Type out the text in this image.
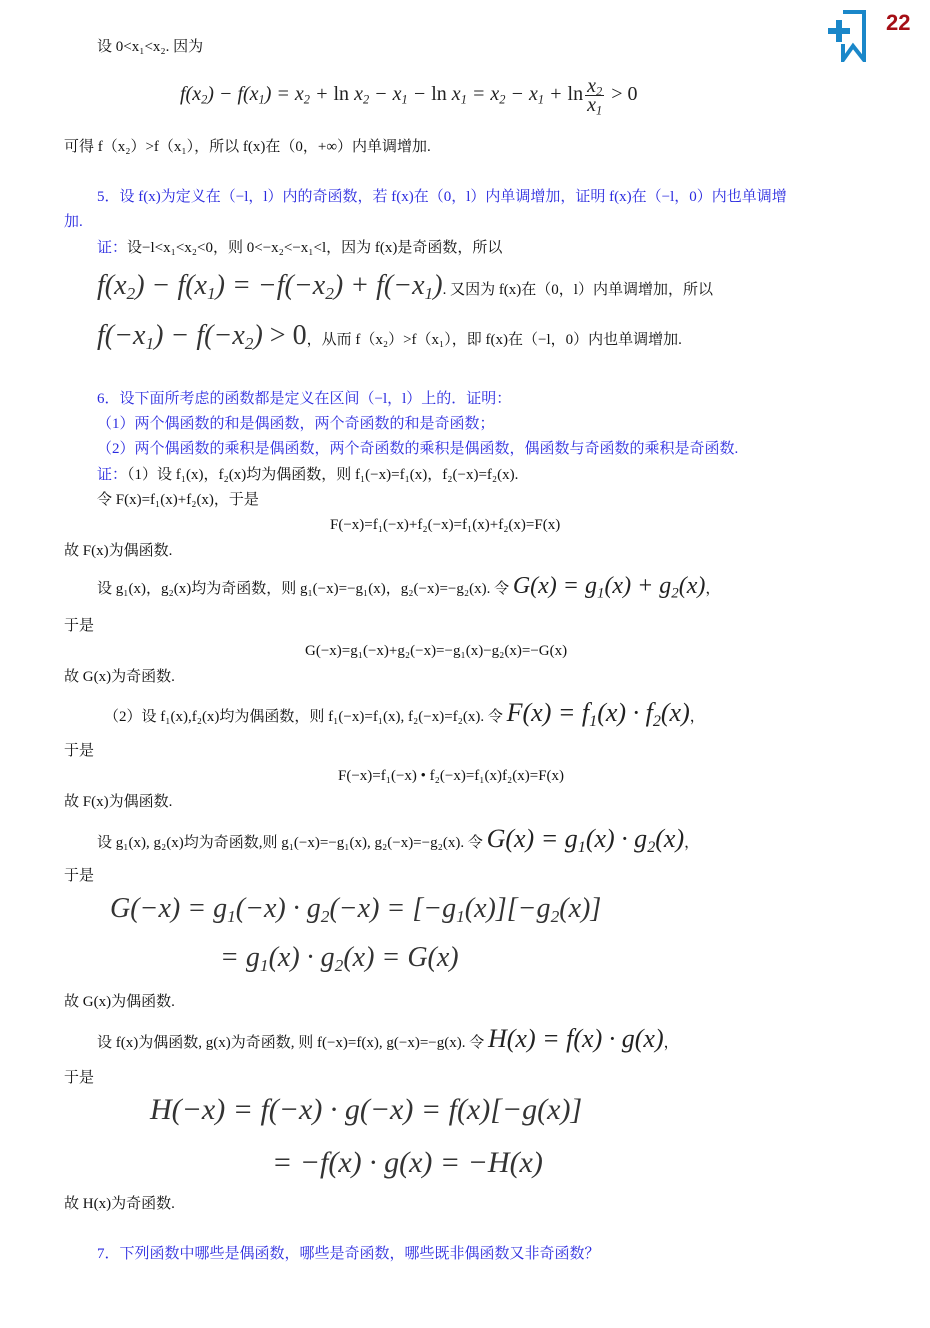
22
设 0<x₁<x₂. 因为
$f(x_2) - f(x_1) = x_2 + \ln x_2 - x_1 - \ln x_1 = x_2 - x_1 + \ln \frac{x_2}{x_1} > 0$
可得 f（x₂）>f（x₁），所以 f(x)在（0，+∞）内单调增加.
5．设 f(x)为定义在（−l，l）内的奇函数，若 f(x)在（0，l）内单调增加，证明 f(x)在（−l，0）内也单调增
加.
证：设−l<x₁<x₂<0，则 0<−x₂<−x₁<l，因为 f(x)是奇函数，所以
$f(x_2) - f(x_1) = -f(-x_2) + f(-x_1)$. 又因为 f(x)在（0，l）内单调增加，所以
$f(-x_1) - f(-x_2) > 0$，从而 f（x₂）>f（x₁），即 f(x)在（−l，0）内也单调增加.
6．设下面所考虑的函数都是定义在区间（−l，l）上的．证明：
（1）两个偶函数的和是偶函数，两个奇函数的和是奇函数；
（2）两个偶函数的乘积是偶函数，两个奇函数的乘积是偶函数，偶函数与奇函数的乘积是奇函数.
证：（1）设 f₁(x)，f₂(x)均为偶函数，则 f₁(−x)=f₁(x)，f₂(−x)=f₂(x).
令 F(x)=f₁(x)+f₂(x)，于是
F(−x)=f₁(−x)+f₂(−x)=f₁(x)+f₂(x)=F(x)
故 F(x)为偶函数.
设 g₁(x)，g₂(x)均为奇函数，则 g₁(−x)=−g₁(x)，g₂(−x)=−g₂(x). 令 $G(x) = g_1(x) + g_2(x)$，
于是
G(−x)=g₁(−x)+g₂(−x)=−g₁(x)−g₂(x)=−G(x)
故 G(x)为奇函数.
（2）设 f₁(x),f₂(x)均为偶函数，则 f₁(−x)=f₁(x), f₂(−x)=f₂(x). 令 $F(x) = f_1(x) \cdot f_2(x)$，
于是
F(−x)=f₁(−x) • f₂(−x)=f₁(x)f₂(x)=F(x)
故 F(x)为偶函数.
设 g₁(x), g₂(x)均为奇函数,则 g₁(−x)=−g₁(x), g₂(−x)=−g₂(x). 令 $G(x) = g_1(x) \cdot g_2(x)$，
于是
$G(-x) = g_1(-x) \cdot g_2(-x) = [-g_1(x)][-g_2(x)]$
= $g_1(x) \cdot g_2(x) = G(x)$
故 G(x)为偶函数.
设 f(x)为偶函数, g(x)为奇函数, 则 f(−x)=f(x), g(−x)=−g(x). 令 H(x) = f(x) · g(x)，
于是
H(−x) = f(−x) · g(−x) = f(x)[−g(x)]
= −f(x) · g(x) = −H(x)
故 H(x)为奇函数.
7．下列函数中哪些是偶函数，哪些是奇函数，哪些既非偶函数又非奇函数？
